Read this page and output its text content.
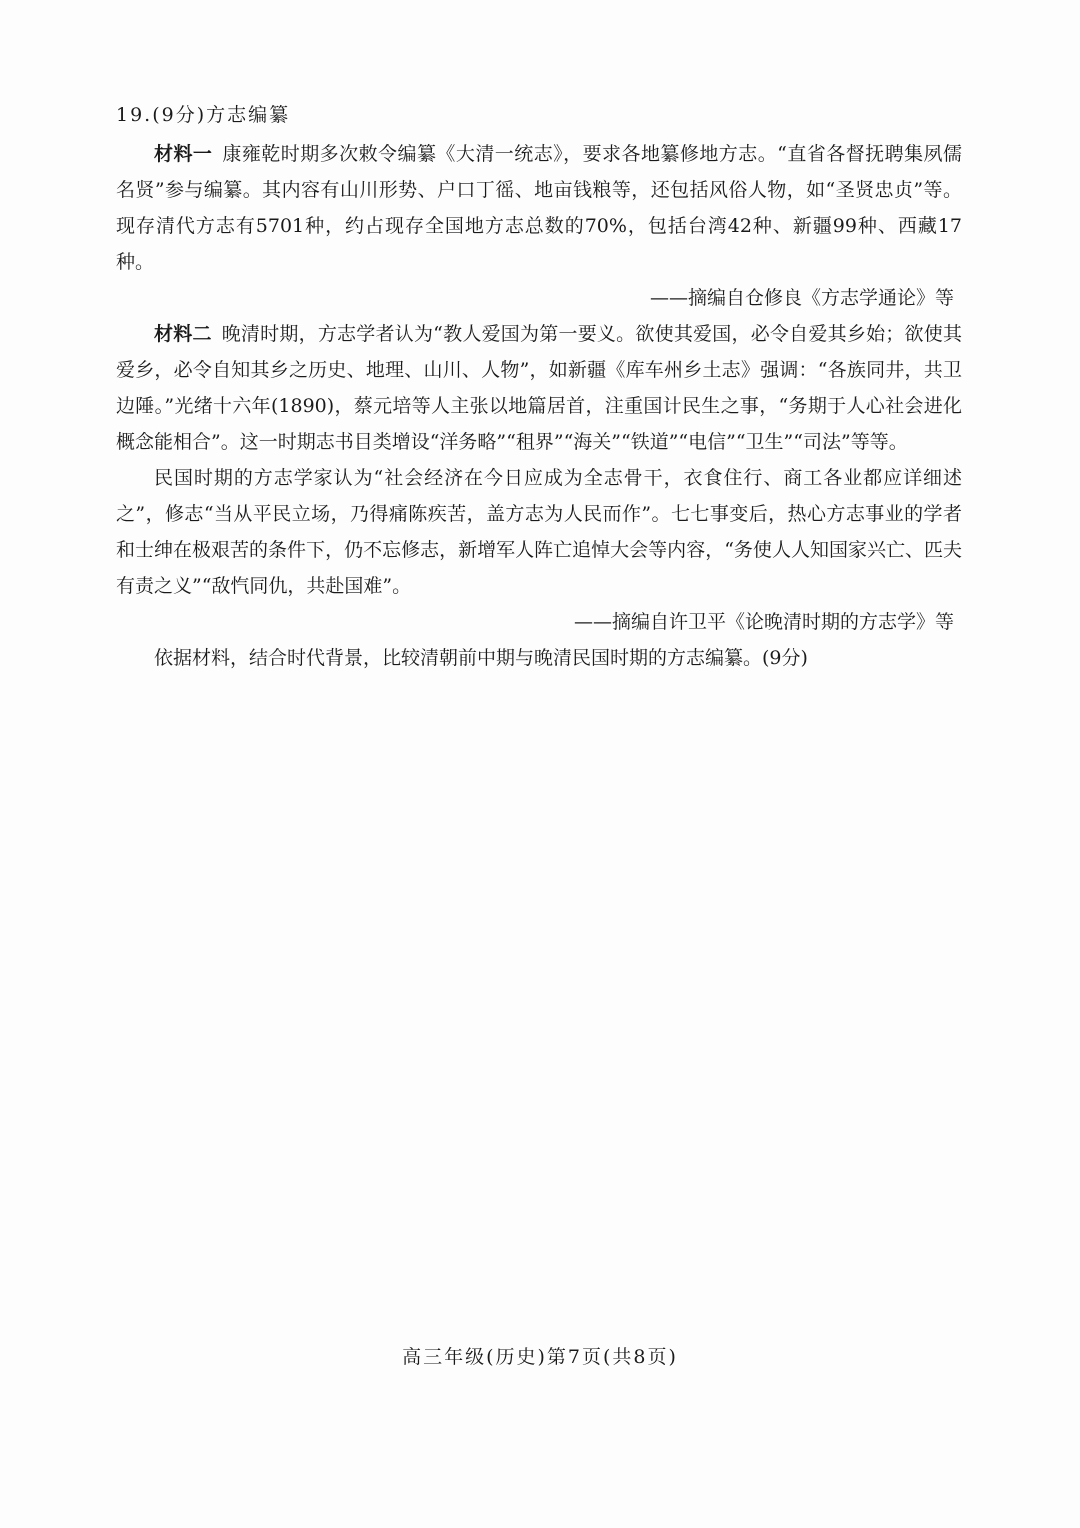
19.(9分)方志编纂

材料一 康雍乾时期多次敕令编纂《大清一统志》，要求各地纂修地方志。“直省各督抚聘集夙儒名贤”参与编纂。其内容有山川形势、户口丁徭、地亩钱粮等，还包括风俗人物，如“圣贤忠贞”等。现存清代方志有5701种，约占现存全国地方志总数的70%，包括台湾42种、新疆99种、西藏17种。

——摘编自仓修良《方志学通论》等

材料二 晚清时期，方志学者认为“教人爱国为第一要义。欲使其爱国，必令自爱其乡始；欲使其爱乡，必令自知其乡之历史、地理、山川、人物”，如新疆《库车州乡土志》强调：“各族同井，共卫边陲。”光绪十六年(1890)，蔡元培等人主张以地篇居首，注重国计民生之事，“务期于人心社会进化概念能相合”。这一时期志书目类增设“洋务略”“租界”“海关”“铁道”“电信”“卫生”“司法”等等。

民国时期的方志学家认为“社会经济在今日应成为全志骨干，衣食住行、商工各业都应详细述之”，修志“当从平民立场，乃得痛陈疾苦，盖方志为人民而作”。七七事变后，热心方志事业的学者和士绅在极艰苦的条件下，仍不忘修志，新增军人阵亡追悼大会等内容，“务使人人知国家兴亡、匹夫有责之义”“敌忾同仇，共赴国难”。

——摘编自许卫平《论晚清时期的方志学》等

依据材料，结合时代背景，比较清朝前中期与晚清民国时期的方志编纂。(9分)

高三年级(历史)第7页(共8页)
